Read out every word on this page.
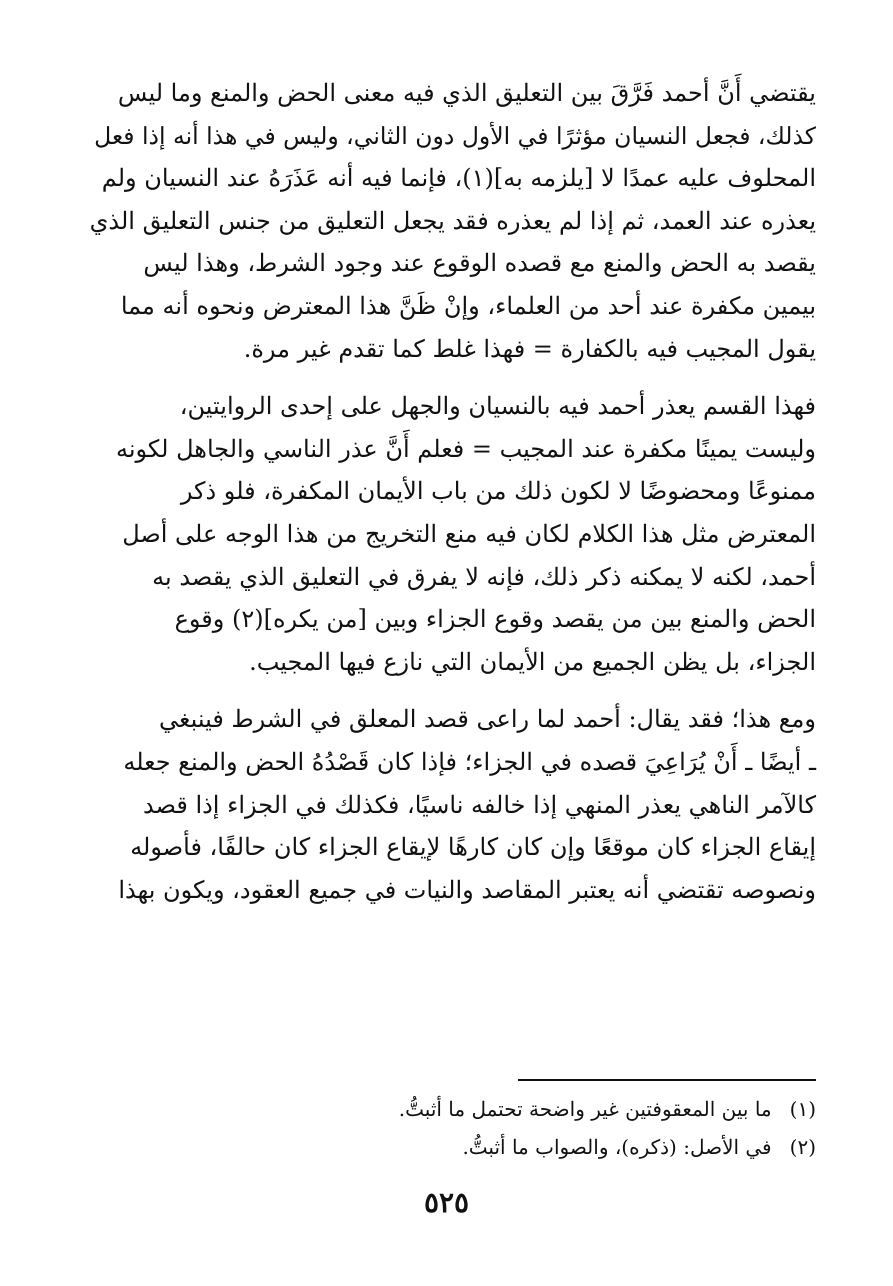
يقتضي أَنَّ أحمد فَرَّقَ بين التعليق الذي فيه معنى الحض والمنع وما ليس
كذلك، فجعل النسيان مؤثرًا في الأول دون الثاني، وليس في هذا أنه إذا فعل
المحلوف عليه عمدًا لا [يلزمه به](١)، فإنما فيه أنه عَذَرَهُ عند النسيان ولم
يعذره عند العمد، ثم إذا لم يعذره فقد يجعل التعليق من جنس التعليق الذي
يقصد به الحض والمنع مع قصده الوقوع عند وجود الشرط، وهذا ليس
بيمين مكفرة عند أحد من العلماء، وإنْ ظَنَّ هذا المعترض ونحوه أنه مما
يقول المجيب فيه بالكفارة = فهذا غلط كما تقدم غير مرة.
فهذا القسم يعذر أحمد فيه بالنسيان والجهل على إحدى الروايتين،
وليست يمينًا مكفرة عند المجيب = فعلم أَنَّ عذر الناسي والجاهل لكونه
ممنوعًا ومحضوضًا لا لكون ذلك من باب الأيمان المكفرة، فلو ذكر
المعترض مثل هذا الكلام لكان فيه منع التخريج من هذا الوجه على أصل
أحمد، لكنه لا يمكنه ذكر ذلك، فإنه لا يفرق في التعليق الذي يقصد به
الحض والمنع بين من يقصد وقوع الجزاء وبين [من يكره](٢) وقوع
الجزاء، بل يظن الجميع من الأيمان التي نازع فيها المجيب.
ومع هذا؛ فقد يقال: أحمد لما راعى قصد المعلق في الشرط فينبغي
ـ أيضًا ـ أَنْ يُرَاعِيَ قصده في الجزاء؛ فإذا كان قَصْدُهُ الحض والمنع جعله
كالآمر الناهي يعذر المنهي إذا خالفه ناسيًا، فكذلك في الجزاء إذا قصد
إيقاع الجزاء كان موقعًا وإن كان كارهًا لإيقاع الجزاء كان حالفًا، فأصوله
ونصوصه تقتضي أنه يعتبر المقاصد والنيات في جميع العقود، ويكون بهذا
(١)ما بين المعقوفتين غير واضحة تحتمل ما أثبتُّ.
(٢)في الأصل: (ذكره)، والصواب ما أثبتُّ.
٥٢٥
